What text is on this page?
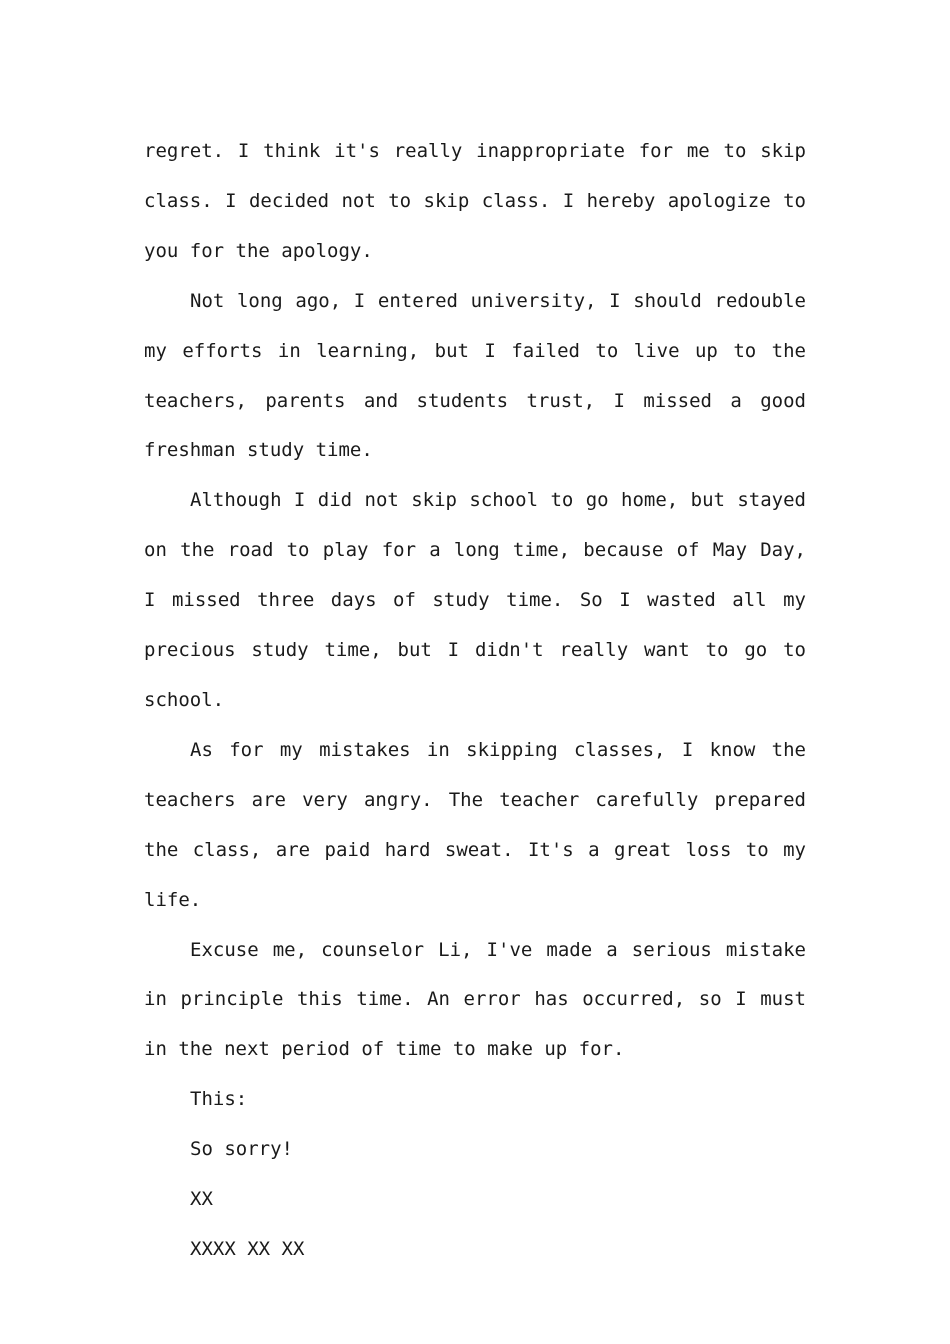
regret. I think it's really inappropriate for me to skip class. I decided not to skip class. I hereby apologize to you for the apology.

Not long ago, I entered university, I should redouble my efforts in learning, but I failed to live up to the teachers, parents and students trust, I missed a good freshman study time.

Although I did not skip school to go home, but stayed on the road to play for a long time, because of May Day, I missed three days of study time. So I wasted all my precious study time, but I didn't really want to go to school.

As for my mistakes in skipping classes, I know the teachers are very angry. The teacher carefully prepared the class, are paid hard sweat. It's a great loss to my life.

Excuse me, counselor Li, I've made a serious mistake in principle this time. An error has occurred, so I must in the next period of time to make up for.

This:

So sorry!

XX

XXXX XX XX
